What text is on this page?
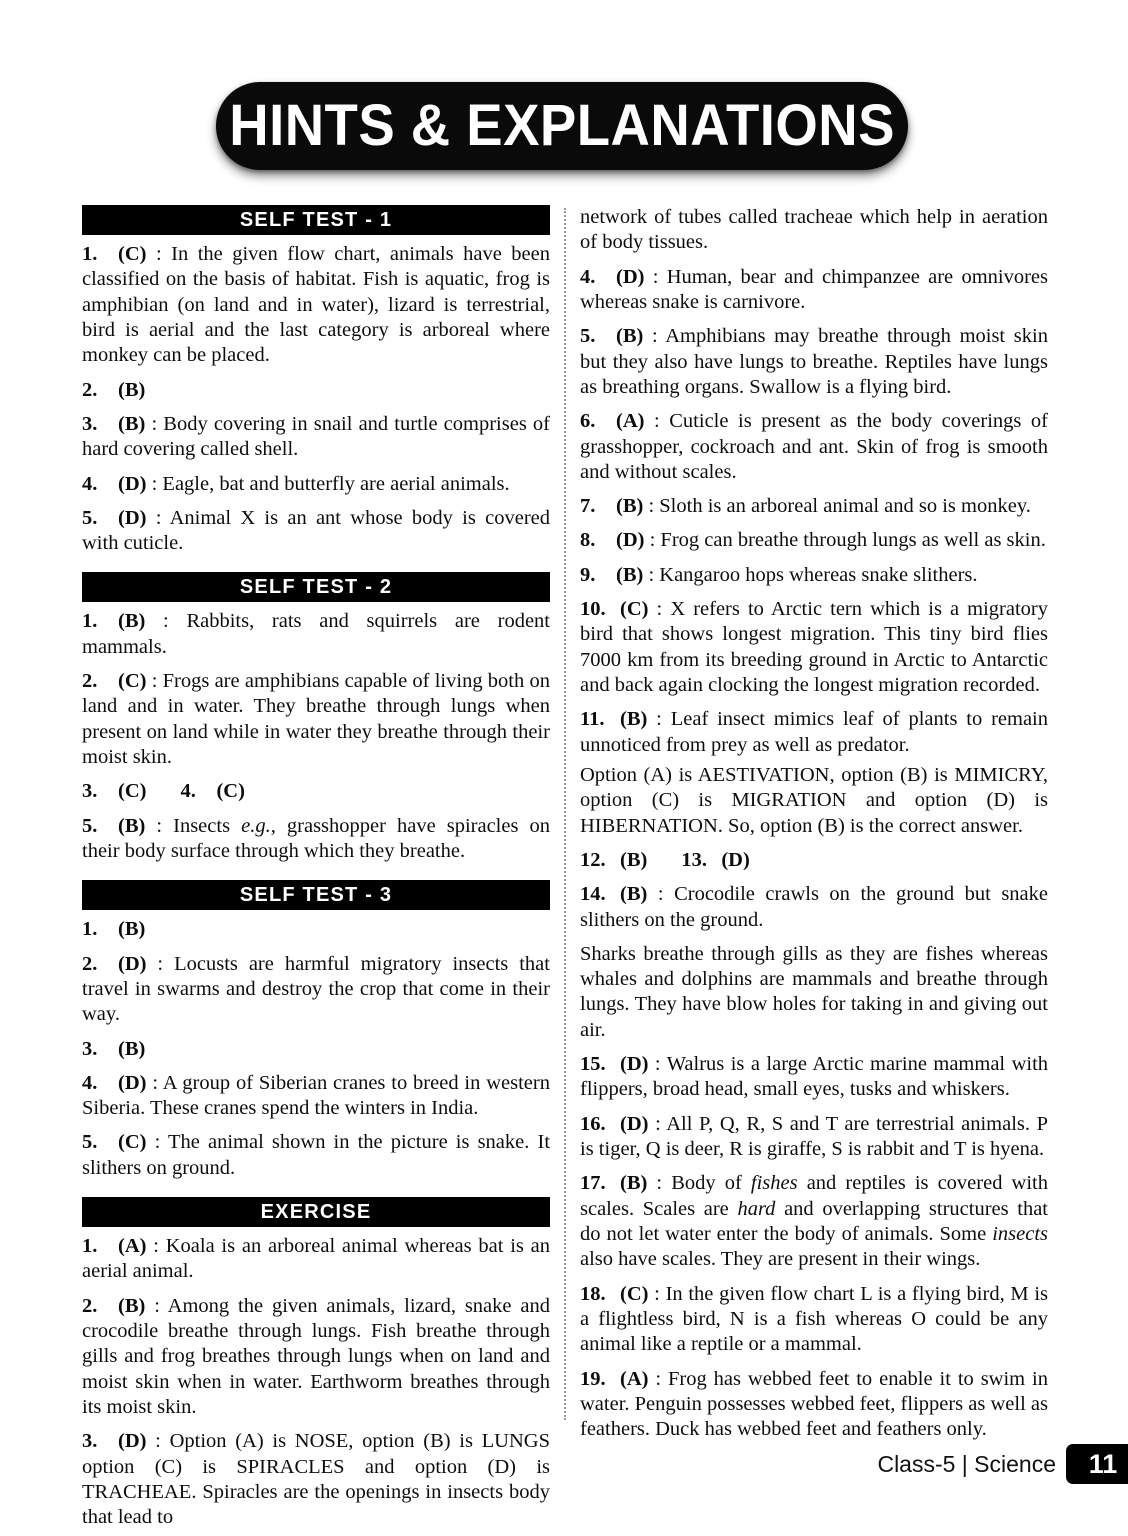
HINTS & EXPLANATIONS
SELF TEST - 1

1. (C) : In the given flow chart, animals have been classified on the basis of habitat. Fish is aquatic, frog is amphibian (on land and in water), lizard is terrestrial, bird is aerial and the last category is arboreal where monkey can be placed.

2. (B)

3. (B) : Body covering in snail and turtle comprises of hard covering called shell.

4. (D) : Eagle, bat and butterfly are aerial animals.

5. (D) : Animal X is an ant whose body is covered with cuticle.

SELF TEST - 2

1. (B) : Rabbits, rats and squirrels are rodent mammals.

2. (C) : Frogs are amphibians capable of living both on land and in water. They breathe through lungs when present on land while in water they breathe through their moist skin.

3. (C) 4. (C)

5. (B) : Insects e.g., grasshopper have spiracles on their body surface through which they breathe.

SELF TEST - 3

1. (B)

2. (D) : Locusts are harmful migratory insects that travel in swarms and destroy the crop that come in their way.

3. (B)

4. (D) : A group of Siberian cranes to breed in western Siberia. These cranes spend the winters in India.

5. (C) : The animal shown in the picture is snake. It slithers on ground.

EXERCISE

1. (A) : Koala is an arboreal animal whereas bat is an aerial animal.

2. (B) : Among the given animals, lizard, snake and crocodile breathe through lungs. Fish breathe through gills and frog breathes through lungs when on land and moist skin when in water. Earthworm breathes through its moist skin.

3. (D) : Option (A) is NOSE, option (B) is LUNGS option (C) is SPIRACLES and option (D) is TRACHEAE. Spiracles are the openings in insects body that lead to

network of tubes called tracheae which help in aeration of body tissues.

4. (D) : Human, bear and chimpanzee are omnivores whereas snake is carnivore.

5. (B) : Amphibians may breathe through moist skin but they also have lungs to breathe. Reptiles have lungs as breathing organs. Swallow is a flying bird.

6. (A) : Cuticle is present as the body coverings of grasshopper, cockroach and ant. Skin of frog is smooth and without scales.

7. (B) : Sloth is an arboreal animal and so is monkey.

8. (D) : Frog can breathe through lungs as well as skin.

9. (B) : Kangaroo hops whereas snake slithers.

10. (C) : X refers to Arctic tern which is a migratory bird that shows longest migration. This tiny bird flies 7000 km from its breeding ground in Arctic to Antarctic and back again clocking the longest migration recorded.

11. (B) : Leaf insect mimics leaf of plants to remain unnoticed from prey as well as predator.

Option (A) is AESTIVATION, option (B) is MIMICRY, option (C) is MIGRATION and option (D) is HIBERNATION. So, option (B) is the correct answer.

12. (B) 13. (D)

14. (B) : Crocodile crawls on the ground but snake slithers on the ground.

Sharks breathe through gills as they are fishes whereas whales and dolphins are mammals and breathe through lungs. They have blow holes for taking in and giving out air.

15. (D) : Walrus is a large Arctic marine mammal with flippers, broad head, small eyes, tusks and whiskers.

16. (D) : All P, Q, R, S and T are terrestrial animals. P is tiger, Q is deer, R is giraffe, S is rabbit and T is hyena.

17. (B) : Body of fishes and reptiles is covered with scales. Scales are hard and overlapping structures that do not let water enter the body of animals. Some insects also have scales. They are present in their wings.

18. (C) : In the given flow chart L is a flying bird, M is a flightless bird, N is a fish whereas O could be any animal like a reptile or a mammal.

19. (A) : Frog has webbed feet to enable it to swim in water. Penguin possesses webbed feet, flippers as well as feathers. Duck has webbed feet and feathers only.

Class-5 | Science	11
